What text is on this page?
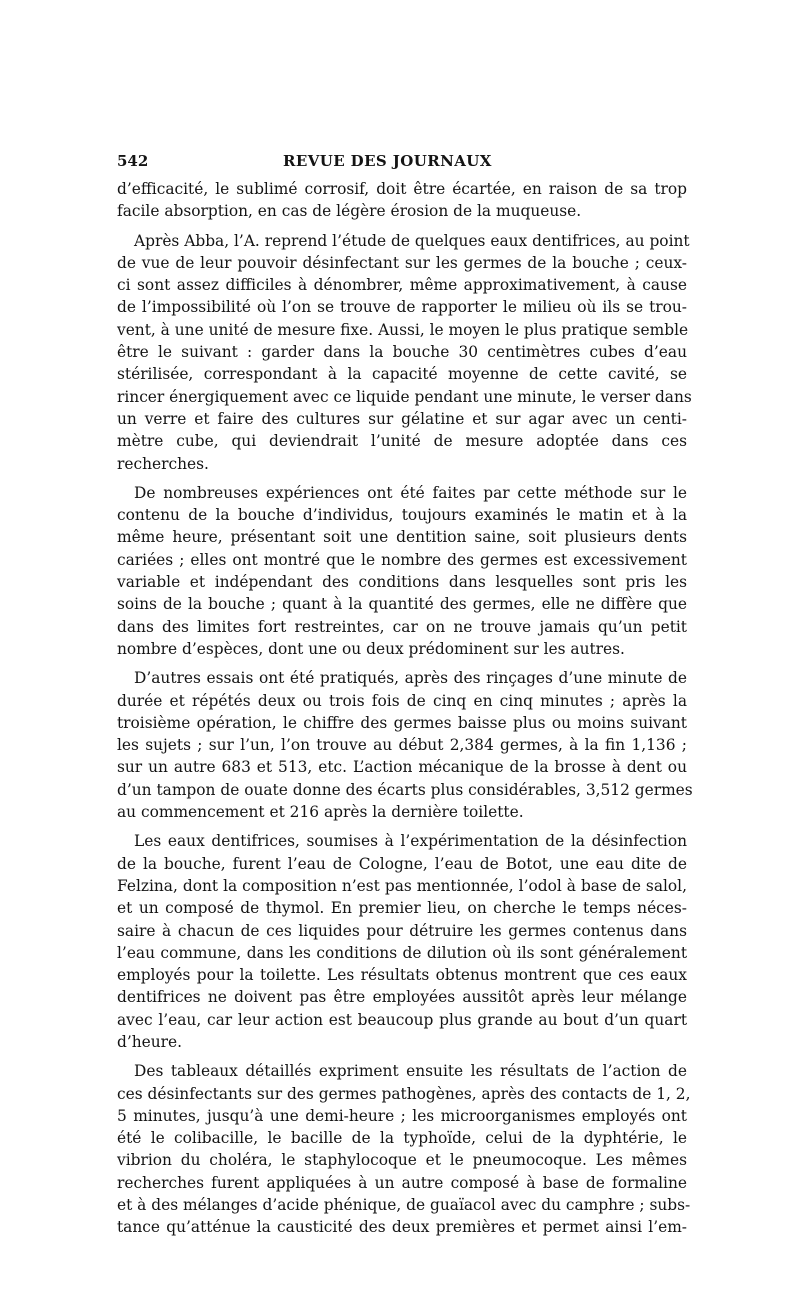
542	REVUE DES JOURNAUX
d’efficacité, le sublimé corrosif, doit être écartée, en raison de sa trop
facile absorption, en cas de légère érosion de la muqueuse.
Après Abba, l’A. reprend l’étude de quelques eaux dentifrices, au point
de vue de leur pouvoir désinfectant sur les germes de la bouche ; ceux-
ci sont assez difficiles à dénombrer, même approximativement, à cause
de l’impossibilité où l’on se trouve de rapporter le milieu où ils se trou-
vent, à une unité de mesure fixe. Aussi, le moyen le plus pratique semble
être le suivant : garder dans la bouche 30 centimètres cubes d’eau
stérilisée, correspondant à la capacité moyenne de cette cavité, se
rincer énergiquement avec ce liquide pendant une minute, le verser dans
un verre et faire des cultures sur gélatine et sur agar avec un centi-
mètre cube, qui deviendrait l’unité de mesure adoptée dans ces
recherches.
De nombreuses expériences ont été faites par cette méthode sur le
contenu de la bouche d’individus, toujours examinés le matin et à la
même heure, présentant soit une dentition saine, soit plusieurs dents
cariées ; elles ont montré que le nombre des germes est excessivement
variable et indépendant des conditions dans lesquelles sont pris les
soins de la bouche ; quant à la quantité des germes, elle ne diffère que
dans des limites fort restreintes, car on ne trouve jamais qu’un petit
nombre d’espèces, dont une ou deux prédominent sur les autres.
D’autres essais ont été pratiqués, après des rinçages d’une minute de
durée et répétés deux ou trois fois de cinq en cinq minutes ; après la
troisième opération, le chiffre des germes baisse plus ou moins suivant
les sujets ; sur l’un, l’on trouve au début 2,384 germes, à la fin 1,136 ;
sur un autre 683 et 513, etc. L’action mécanique de la brosse à dent ou
d’un tampon de ouate donne des écarts plus considérables, 3,512 germes
au commencement et 216 après la dernière toilette.
Les eaux dentifrices, soumises à l’expérimentation de la désinfection
de la bouche, furent l’eau de Cologne, l’eau de Botot, une eau dite de
Felzina, dont la composition n’est pas mentionnée, l’odol à base de salol,
et un composé de thymol. En premier lieu, on cherche le temps néces-
saire à chacun de ces liquides pour détruire les germes contenus dans
l’eau commune, dans les conditions de dilution où ils sont généralement
employés pour la toilette. Les résultats obtenus montrent que ces eaux
dentifrices ne doivent pas être employées aussitôt après leur mélange
avec l’eau, car leur action est beaucoup plus grande au bout d’un quart
d’heure.
Des tableaux détaillés expriment ensuite les résultats de l’action de
ces désinfectants sur des germes pathogènes, après des contacts de 1, 2,
5 minutes, jusqu’à une demi-heure ; les microorganismes employés ont
été le colibacille, le bacille de la typhoïde, celui de la dyphtérie, le
vibrion du choléra, le staphylocoque et le pneumocoque. Les mêmes
recherches furent appliquées à un autre composé à base de formaline
et à des mélanges d’acide phénique, de guaïacol avec du camphre ; subs-
tance qu’atténue la causticité des deux premières et permet ainsi l’em-
